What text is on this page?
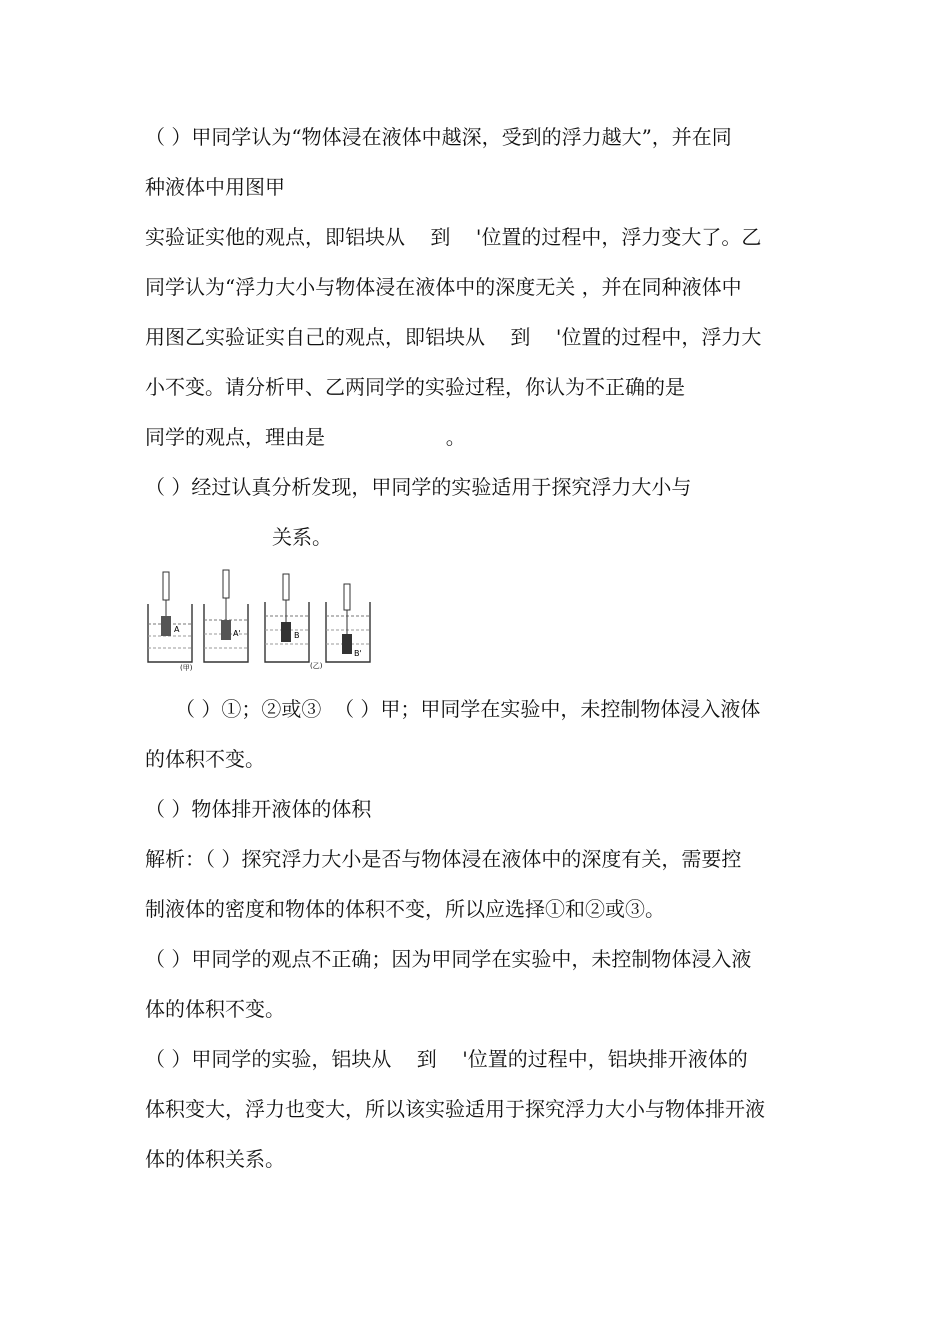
（ ）甲同学认为“物体浸在液体中越深，受到的浮力越大”，并在同
种液体中用图甲
实验证实他的观点，即铝块从    到    '位置的过程中，浮力变大了。乙
同学认为“浮力大小与物体浸在液体中的深度无关 ，并在同种液体中
用图乙实验证实自己的观点，即铝块从    到    '位置的过程中，浮力大
小不变。请分析甲、乙两同学的实验过程，你认为不正确的是
同学的观点，理由是                   。
（ ）经过认真分析发现，甲同学的实验适用于探究浮力大小与
关系。
A	A'	B
B'
(甲)	(乙)
（ ）①；②或③  （ ）甲；甲同学在实验中，未控制物体浸入液体
的体积不变。
（ ）物体排开液体的体积
解析：（ ）探究浮力大小是否与物体浸在液体中的深度有关，需要控
制液体的密度和物体的体积不变，所以应选择①和②或③。
（ ）甲同学的观点不正确；因为甲同学在实验中，未控制物体浸入液
体的体积不变。
（ ）甲同学的实验，铝块从    到    '位置的过程中，铝块排开液体的
体积变大，浮力也变大，所以该实验适用于探究浮力大小与物体排开液
体的体积关系。
